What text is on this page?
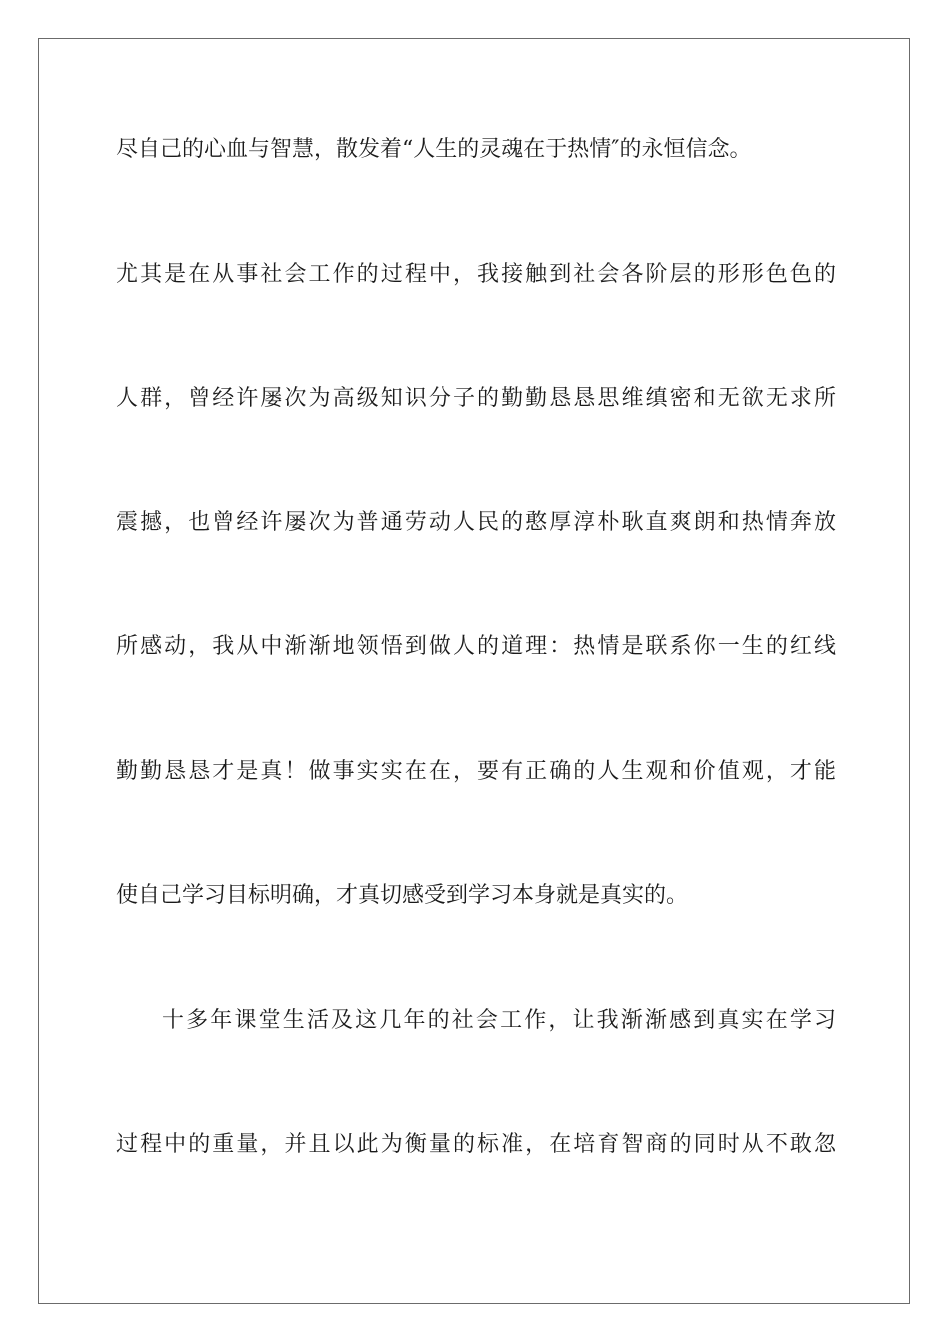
尽自己的心血与智慧，散发着“人生的灵魂在于热情″的永恒信念。
尤其是在从事社会工作的过程中，我接触到社会各阶层的形形色色的
人群，曾经许屡次为高级知识分子的勤勤恳恳思维缜密和无欲无求所
震撼，也曾经许屡次为普通劳动人民的憨厚淳朴耿直爽朗和热情奔放
所感动，我从中渐渐地领悟到做人的道理：热情是联系你一生的红线
勤勤恳恳才是真！做事实实在在，要有正确的人生观和价值观，才能
使自己学习目标明确，才真切感受到学习本身就是真实的。
十多年课堂生活及这几年的社会工作，让我渐渐感到真实在学习
过程中的重量，并且以此为衡量的标准，在培育智商的同时从不敢忽
